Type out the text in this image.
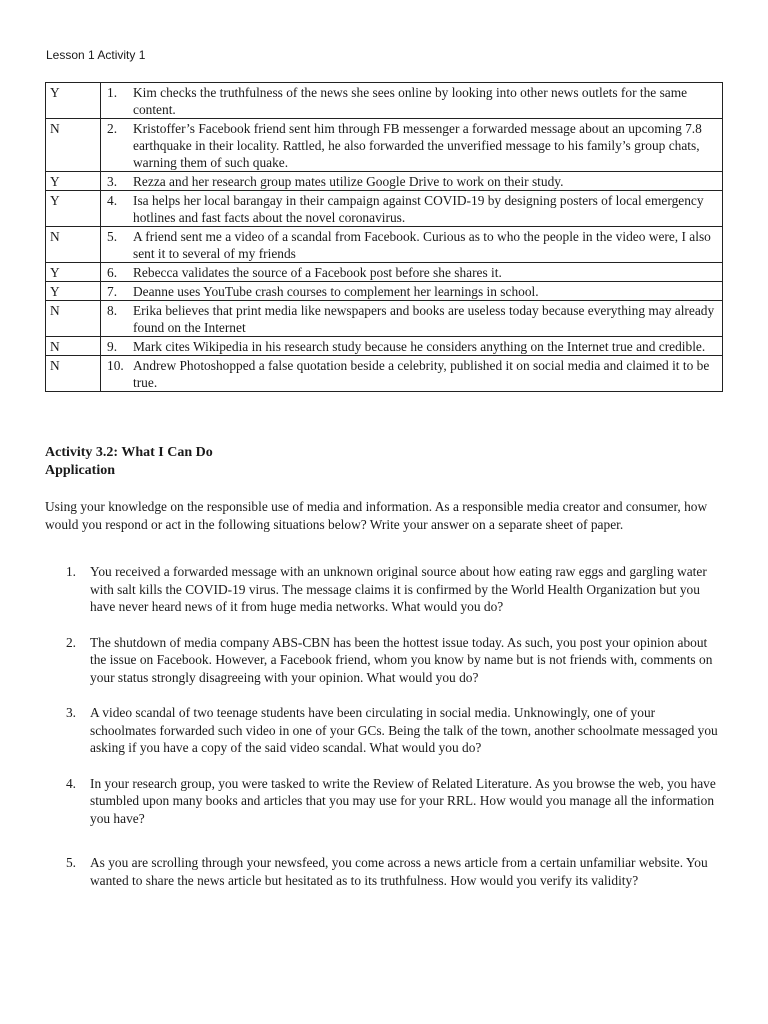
Lesson 1 Activity 1
Y	1. Kim checks the truthfulness of the news she sees online by looking into other news outlets for the same content.

N	2. Kristoffer’s Facebook friend sent him through FB messenger a forwarded message about an upcoming 7.8 earthquake in their locality. Rattled, he also forwarded the unverified message to his family’s group chats, warning them of such quake.

Y	3. Rezza and her research group mates utilize Google Drive to work on their study.

Y	4. Isa helps her local barangay in their campaign against COVID-19 by designing posters of local emergency hotlines and fast facts about the novel coronavirus.

N	5. A friend sent me a video of a scandal from Facebook. Curious as to who the people in the video were, I also sent it to several of my friends

Y	6. Rebecca validates the source of a Facebook post before she shares it.

Y	7. Deanne uses YouTube crash courses to complement her learnings in school.

N	8. Erika believes that print media like newspapers and books are useless today because everything may already found on the Internet

N	9. Mark cites Wikipedia in his research study because he considers anything on the Internet true and credible.

N	10. Andrew Photoshopped a false quotation beside a celebrity, published it on social media and claimed it to be true.
Activity 3.2: What I Can Do
Application
Using your knowledge on the responsible use of media and information. As a responsible media creator and consumer, how would you respond or act in the following situations below? Write your answer on a separate sheet of paper.
1.	You received a forwarded message with an unknown original source about how eating raw eggs and gargling water with salt kills the COVID-19 virus. The message claims it is confirmed by the World Health Organization but you have never heard news of it from huge media networks. What would you do?
2.	The shutdown of media company ABS-CBN has been the hottest issue today. As such, you post your opinion about the issue on Facebook. However, a Facebook friend, whom you know by name but is not friends with, comments on your status strongly disagreeing with your opinion. What would you do?
3.	A video scandal of two teenage students have been circulating in social media. Unknowingly, one of your schoolmates forwarded such video in one of your GCs. Being the talk of the town, another schoolmate messaged you asking if you have a copy of the said video scandal. What would you do?
4.	In your research group, you were tasked to write the Review of Related Literature. As you browse the web, you have stumbled upon many books and articles that you may use for your RRL. How would you manage all the information you have?
5.	As you are scrolling through your newsfeed, you come across a news article from a certain unfamiliar website. You wanted to share the news article but hesitated as to its truthfulness. How would you verify its validity?
